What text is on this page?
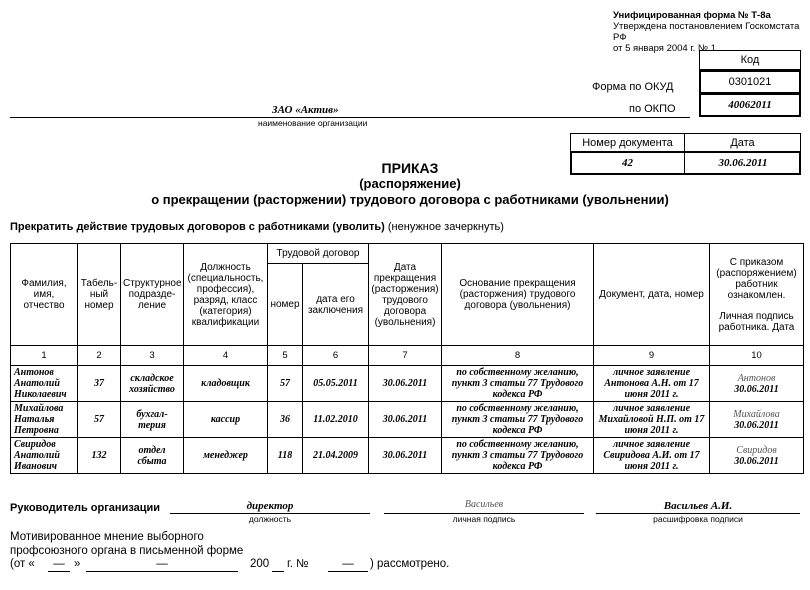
Унифицированная форма № Т-8а
Утверждена постановлением Госкомстата РФ
от 5 января 2004 г. № 1
Код
Форма по ОКУД	0301021
по ОКПО	40062011
ЗАО «Актив»
наименование организации
Номер документа	Дата
42	30.06.2011
ПРИКАЗ
(распоряжение)
о прекращении (расторжении) трудового договора с работниками (увольнении)
Прекратить действие трудовых договоров с работниками (уволить) (ненужное зачеркнуть)
Фамилия, имя, отчество	Табель-ный номер	Структурное подразде-ление	Должность (специальность, профессия), разряд, класс (категория) квалификации	Трудовой договор		Дата прекращения (расторжения) трудового договора (увольнения)	Основание прекращения (расторжения) трудового договора (увольнения)	Документ, дата, номер	С приказом (распоряжением) работник ознакомлен.
Личная подпись работника. Дата

				номер	дата его заключения				
1	2	3	4	5	6	7	8	9	10
Антонов Анатолий Николаевич	37	складское хозяйство	кладовщик	57	05.05.2011	30.06.2011	по собственному желанию, пункт 3 статьи 77 Трудового кодекса РФ	личное заявление Антонова А.Н. от 17 июня 2011 г.	Антонов
30.06.2011

Михайлова Наталья Петровна	57	бухгал-терия	кассир	36	11.02.2010	30.06.2011	по собственному желанию, пункт 3 статьи 77 Трудового кодекса РФ	личное заявление Михайловой Н.П. от 17 июня 2011 г.	Михайлова
30.06.2011

Свиридов Анатолий Иванович	132	отдел сбыта	менеджер	118	21.04.2009	30.06.2011	по собственному желанию, пункт 3 статьи 77 Трудового кодекса РФ	личное заявление Свиридова А.И. от 17 июня 2011 г.	Свиридов
30.06.2011
Руководитель организации	директор
должность
Васильев
личная подпись
Васильев А.И.
расшифровка подписи
Мотивированное мнение выборного
профсоюзного органа в письменной форме
(от «	— »	—	200 г. №	—	) рассмотрено.
